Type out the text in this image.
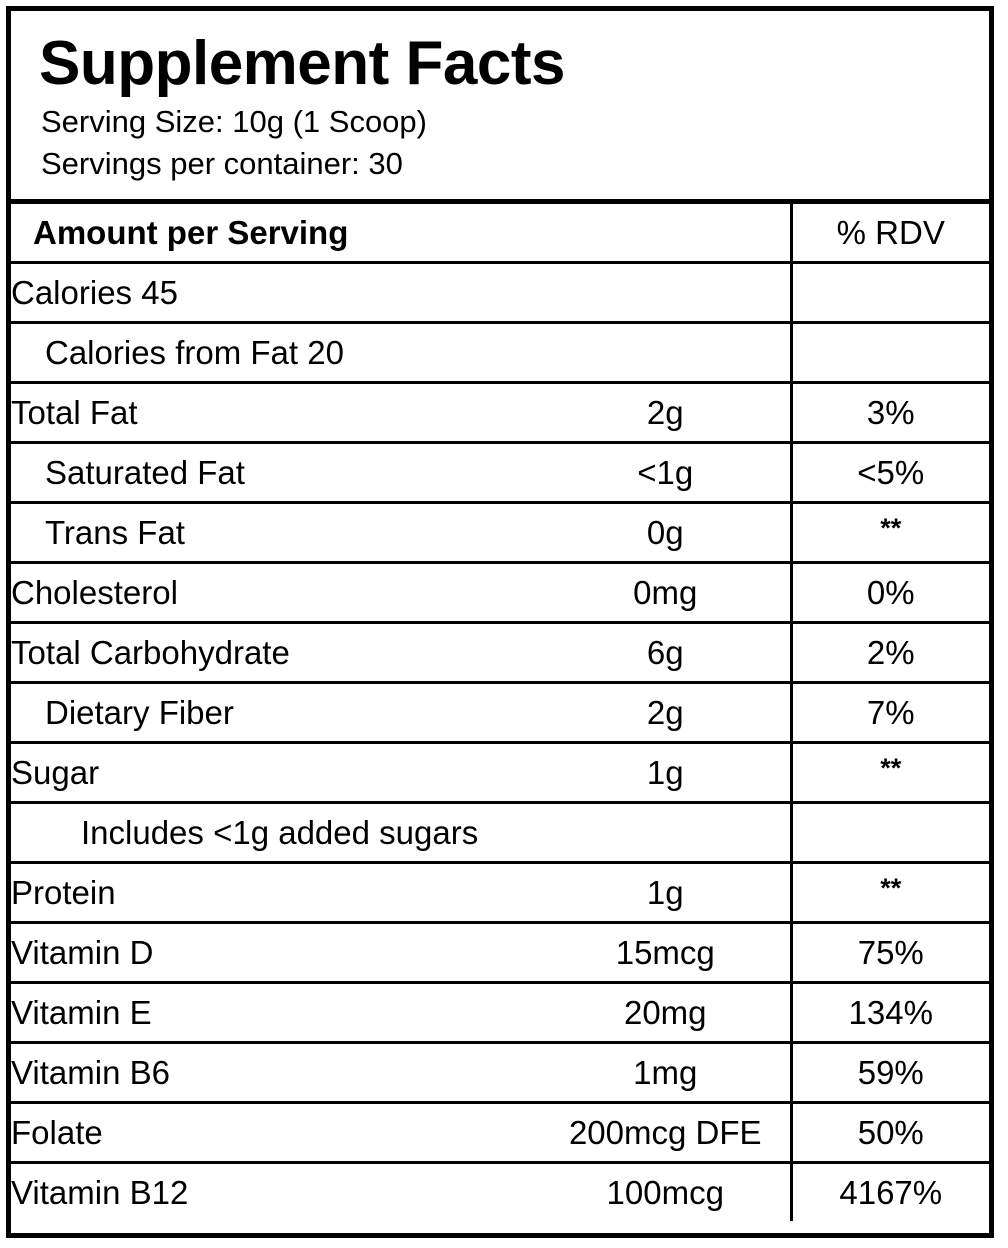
Supplement Facts
Serving Size: 10g (1 Scoop)
Servings per container: 30
Amount per Serving		% RDV
Calories 45		
Calories from Fat 20		
Total Fat	2g	3%
Saturated Fat	<1g	<5%
Trans Fat	0g	**
Cholesterol	0mg	0%
Total Carbohydrate	6g	2%
Dietary Fiber	2g	7%
Sugar	1g	**
Includes <1g added sugars		
Protein	1g	**
Vitamin D	15mcg	75%
Vitamin E	20mg	134%
Vitamin B6	1mg	59%
Folate	200mcg DFE	50%
Vitamin B12	100mcg	4167%
